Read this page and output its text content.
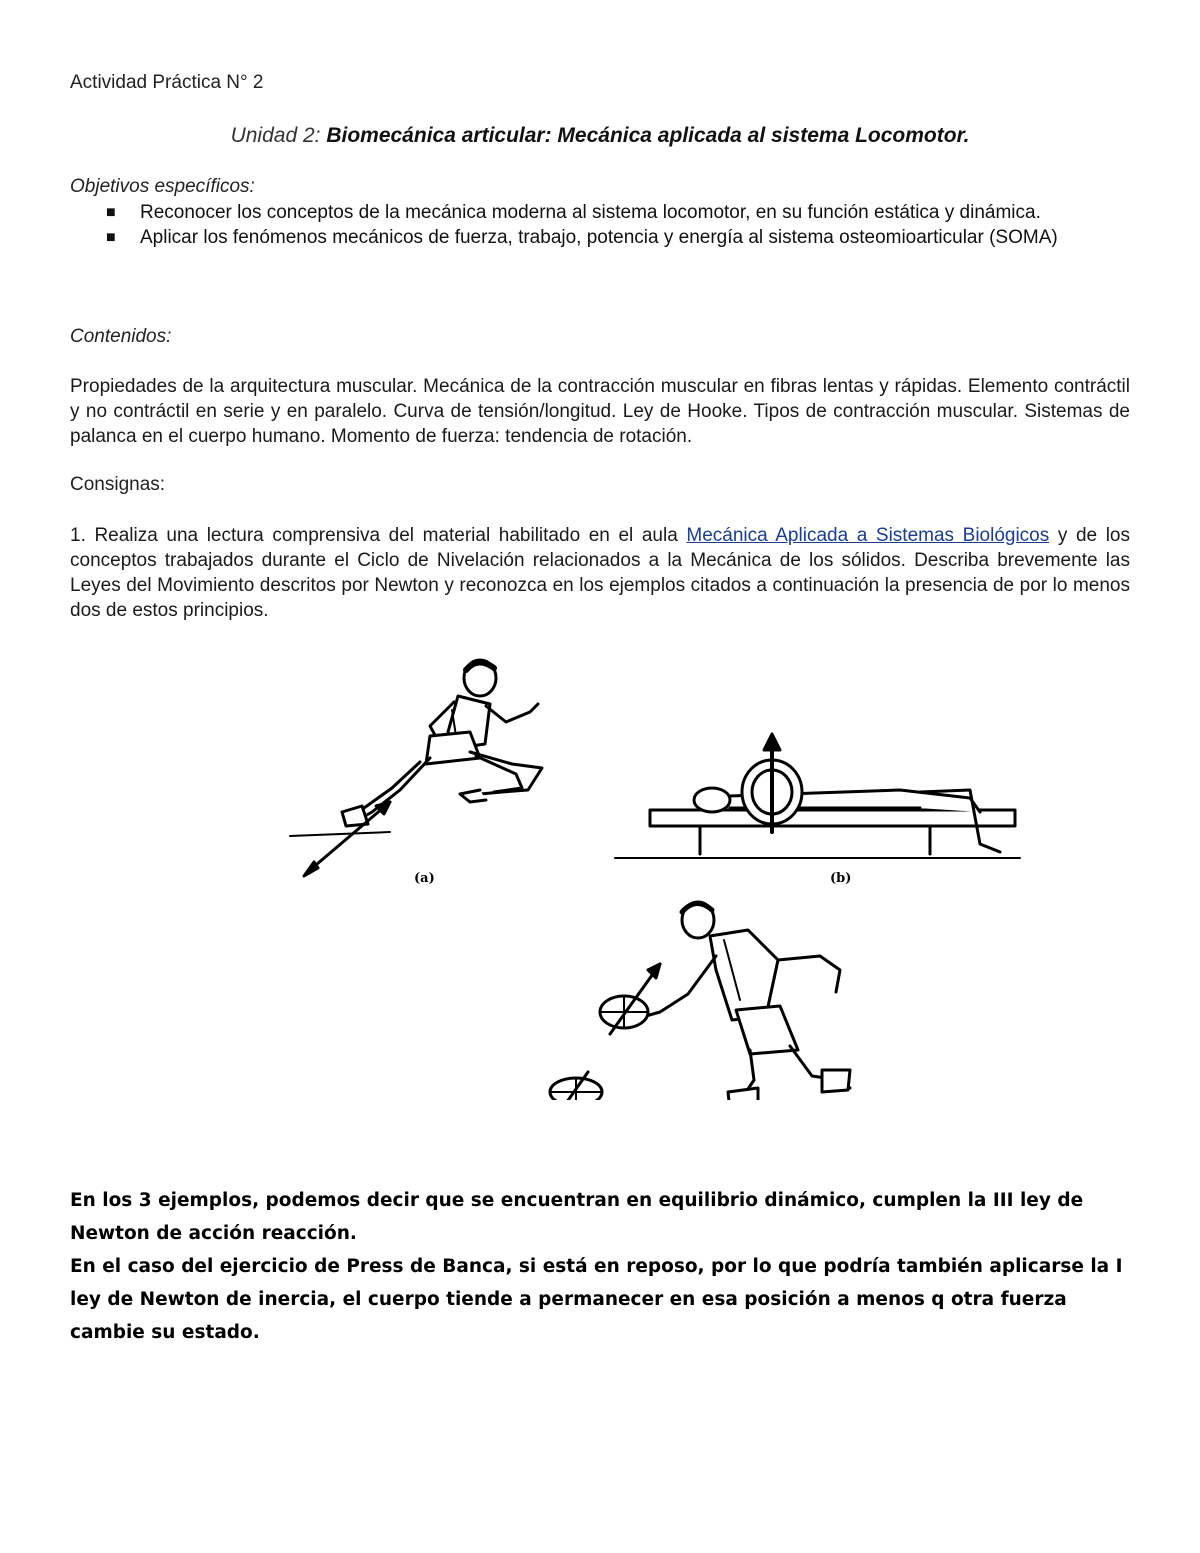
Actividad Práctica N° 2
Unidad 2: Biomecánica articular: Mecánica aplicada al sistema Locomotor.
Objetivos específicos:
■ Reconocer los conceptos de la mecánica moderna al sistema locomotor, en su función estática y dinámica.
■ Aplicar los fenómenos mecánicos de fuerza, trabajo, potencia y energía al sistema osteomioarticular (SOMA)
Contenidos:

Propiedades de la arquitectura muscular. Mecánica de la contracción muscular en fibras lentas y rápidas. Elemento contráctil y no contráctil en serie y en paralelo. Curva de tensión/longitud. Ley de Hooke. Tipos de contracción muscular. Sistemas de palanca en el cuerpo humano. Momento de fuerza: tendencia de rotación.

Consignas:

1. Realiza una lectura comprensiva del material habilitado en el aula Mecánica Aplicada a Sistemas Biológicos y de los conceptos trabajados durante el Ciclo de Nivelación relacionados a la Mecánica de los sólidos. Describa brevemente las Leyes del Movimiento descritos por Newton y reconozca en los ejemplos citados a continuación la presencia de por lo menos dos de estos principios.

(a)	(b)
En los 3 ejemplos, podemos decir que se encuentran en equilibrio dinámico, cumplen la III ley de Newton de acción reacción.
En el caso del ejercicio de Press de Banca, si está en reposo, por lo que podría también aplicarse la I ley de Newton de inercia, el cuerpo tiende a permanecer en esa posición a menos q otra fuerza cambie su estado.
